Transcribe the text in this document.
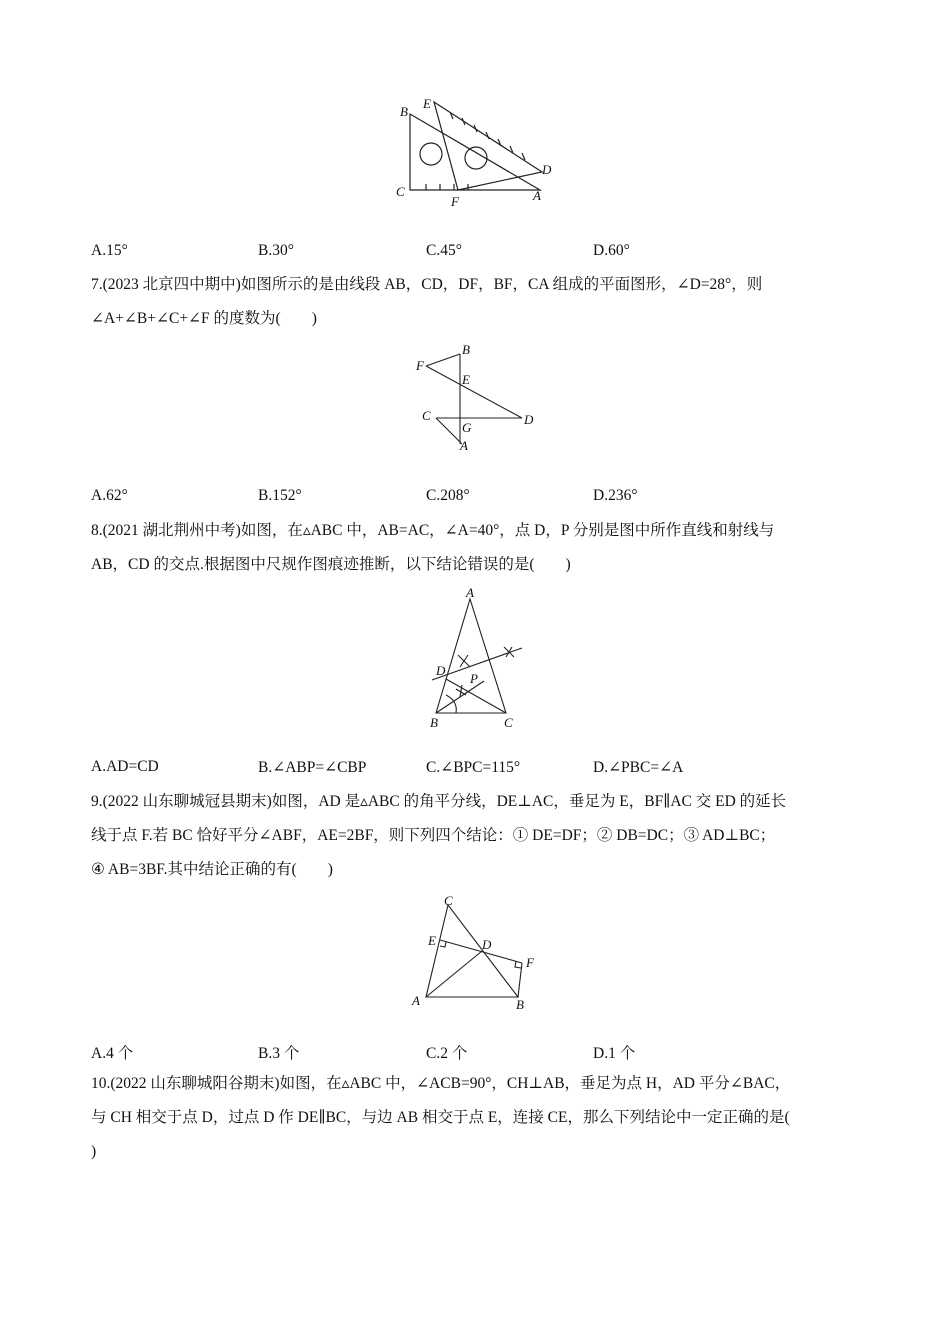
B
E
C
F
D
A
A.15°	B.30°	C.45°	D.60°
7.(2023 北京四中期中)如图所示的是由线段 AB，CD，DF，BF，CA 组成的平面图形，∠D=28°，则
∠A+∠B+∠C+∠F 的度数为(　　)
F
B
E
C	D
G
A
A.62°	B.152°	C.208°	D.236°
8.(2021 湖北荆州中考)如图，在▵ABC 中，AB=AC，∠A=40°，点 D，P 分别是图中所作直线和射线与
AB，CD 的交点.根据图中尺规作图痕迹推断，以下结论错误的是(　　)
A
D
P
B	C
A.AD=CD	B.∠ABP=∠CBP	C.∠BPC=115°	D.∠PBC=∠A
9.(2022 山东聊城冠县期末)如图，AD 是▵ABC 的角平分线，DE⊥AC，垂足为 E，BF∥AC 交 ED 的延长
线于点 F.若 BC 恰好平分∠ABF，AE=2BF，则下列四个结论：① DE=DF；② DB=DC；③ AD⊥BC；
④ AB=3BF.其中结论正确的有(　　)
C
E	D
F
A	B
A.4 个	B.3 个	C.2 个	D.1 个
10.(2022 山东聊城阳谷期末)如图，在▵ABC 中，∠ACB=90°，CH⊥AB，垂足为点 H，AD 平分∠BAC，
与 CH 相交于点 D，过点 D 作 DE∥BC，与边 AB 相交于点 E，连接 CE，那么下列结论中一定正确的是(
)
